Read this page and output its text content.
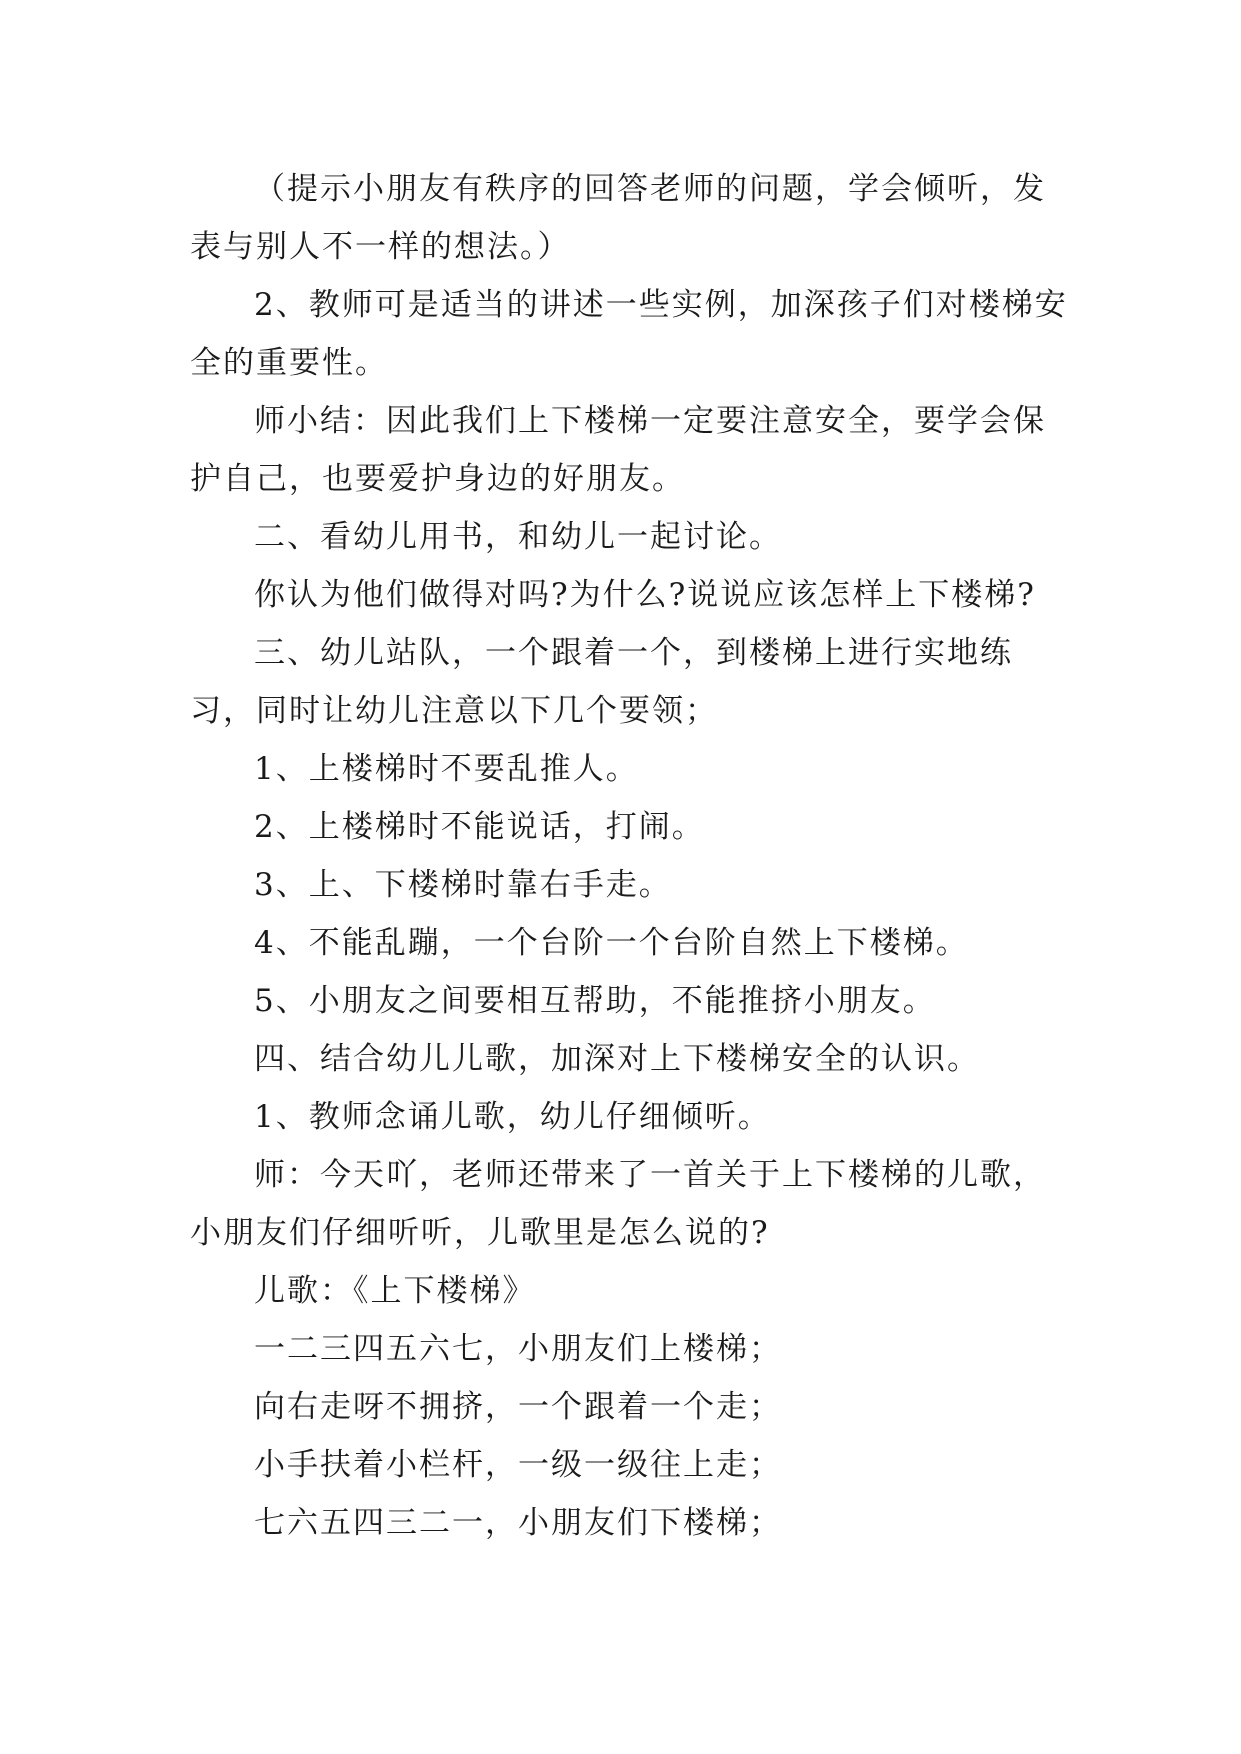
（提示小朋友有秩序的回答老师的问题，学会倾听，发表与别人不一样的想法。）

2、教师可是适当的讲述一些实例，加深孩子们对楼梯安全的重要性。

师小结：因此我们上下楼梯一定要注意安全，要学会保护自己，也要爱护身边的好朋友。

二、看幼儿用书，和幼儿一起讨论。

你认为他们做得对吗?为什么?说说应该怎样上下楼梯?

三、幼儿站队，一个跟着一个，到楼梯上进行实地练习，同时让幼儿注意以下几个要领；

1、上楼梯时不要乱推人。

2、上楼梯时不能说话，打闹。

3、上、下楼梯时靠右手走。

4、不能乱蹦，一个台阶一个台阶自然上下楼梯。

5、小朋友之间要相互帮助，不能推挤小朋友。

四、结合幼儿儿歌，加深对上下楼梯安全的认识。

1、教师念诵儿歌，幼儿仔细倾听。

师：今天吖，老师还带来了一首关于上下楼梯的儿歌，小朋友们仔细听听，儿歌里是怎么说的?

儿歌：《上下楼梯》

一二三四五六七，小朋友们上楼梯；

向右走呀不拥挤，一个跟着一个走；

小手扶着小栏杆，一级一级往上走；

七六五四三二一，小朋友们下楼梯；
